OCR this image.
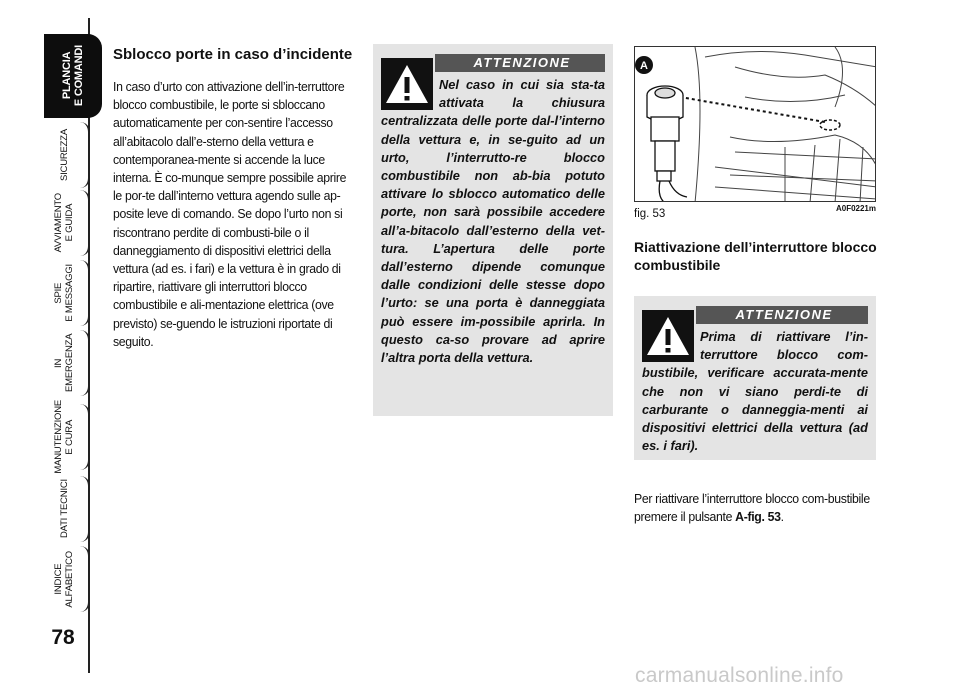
PLANCIA
E COMANDI
SICUREZZA
AVVIAMENTO
E GUIDA
SPIE
E MESSAGGI
IN EMERGENZA
MANUTENZIONE
E CURA
DATI TECNICI
INDICE
ALFABETICO
78
Sblocco porte in caso d’incidente

In caso d’urto con attivazione dell’in-terruttore blocco combustibile, le porte si sbloccano automaticamente per con-sentire l’accesso all’abitacolo dall’e-sterno della vettura e contemporanea-mente si accende la luce interna. È co-munque sempre possibile aprire le por-te dall’interno vettura agendo sulle ap-posite leve di comando. Se dopo l’urto non si riscontrano perdite di combusti-bile o il danneggiamento di dispositivi elettrici della vettura (ad es. i fari) e la vettura è in grado di ripartire, riattivare gli interruttori blocco combustibile e ali-mentazione elettrica (ove previsto) se-guendo le istruzioni riportate di seguito.

ATTENZIONE

Nel caso in cui sia sta-ta attivata la chiusura centralizzata delle porte dal-l’interno della vettura e, in se-guito ad un urto, l’interrutto-re blocco combustibile non ab-bia potuto attivare lo sblocco automatico delle porte, non sarà possibile accedere all’a-bitacolo dall’esterno della vet-tura. L’apertura delle porte dall’esterno dipende comunque dalle condizioni delle stesse dopo l’urto: se una porta è danneggiata può essere im-possibile aprirla. In questo ca-so provare ad aprire l’altra porta della vettura.

A
fig. 53	A0F0221m
Riattivazione dell’interruttore blocco combustibile
ATTENZIONE

Prima di riattivare l’in-terruttore blocco com-bustibile, verificare accurata-mente che non vi siano perdi-te di carburante o danneggia-menti ai dispositivi elettrici della vettura (ad es. i fari).

Per riattivare l’interruttore blocco com-bustibile premere il pulsante A-fig. 53.

carmanualsonline.info
